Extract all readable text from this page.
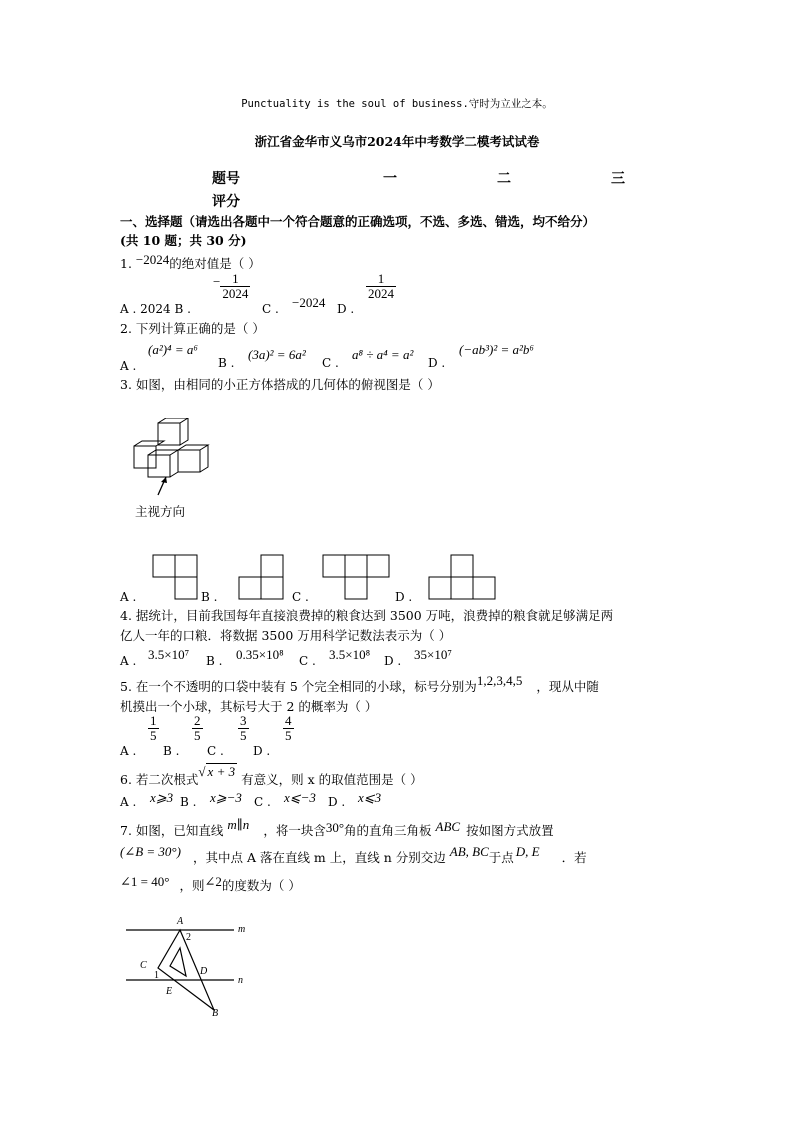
Punctuality is the soul of business.守时为立业之本。
浙江省金华市义乌市2024年中考数学二模考试试卷
题号	一	二	三
评分
一、选择题（请选出各题中一个符合题意的正确选项，不选、多选、错选，均不给分）
(共 10 题；共 30 分)
1. −2024的绝对值是（ ）
A . 2024 B .
− $\frac{1}{2024}$
C . −2024 D .
$\frac{1}{2024}$
2. 下列计算正确的是（ ）
A .
(a²)⁴ = a⁶
B .
(3a)² = 6a²
C .
a⁸ ÷ a⁴ = a²
D .
(−ab³)² = a²b⁶
3. 如图，由相同的小正方体搭成的几何体的俯视图是（ ）
主视方向
A .	B .	C .	D .
4. 据统计，目前我国每年直接浪费掉的粮食达到 3500 万吨，浪费掉的粮食就足够满足两
亿人一年的口粮．将数据 3500 万用科学记数法表示为（ ）
A . 3.5×10⁷ B . 0.35×10⁸ C . 3.5×10⁸ D . 35×10⁷
5. 在一个不透明的口袋中装有 5 个完全相同的小球，标号分别为1,2,3,4,5 ，现从中随
机摸出一个小球，其标号大于 2 的概率为（ ）
A .
$\frac{1}{5}$
B .
$\frac{2}{5}$
C .
$\frac{3}{5}$
D .
$\frac{4}{5}$
6. 若二次根式√ x + 3有意义，则 x 的取值范围是（ ）
A . x⩾3 B . x⩾−3 C . x⩽−3 D . x⩽3
7. 如图，已知直线 m∥n ，将一块含30°角的直角三角板 ABC 按如图方式放置
(∠B = 30°) ，其中点 A 落在直线 m 上，直线 n 分别交边 AB, BC于点 D, E ．若
∠1 = 40° ，则∠2的度数为（ ）
A
2
m
C
1	D
E
n
B
